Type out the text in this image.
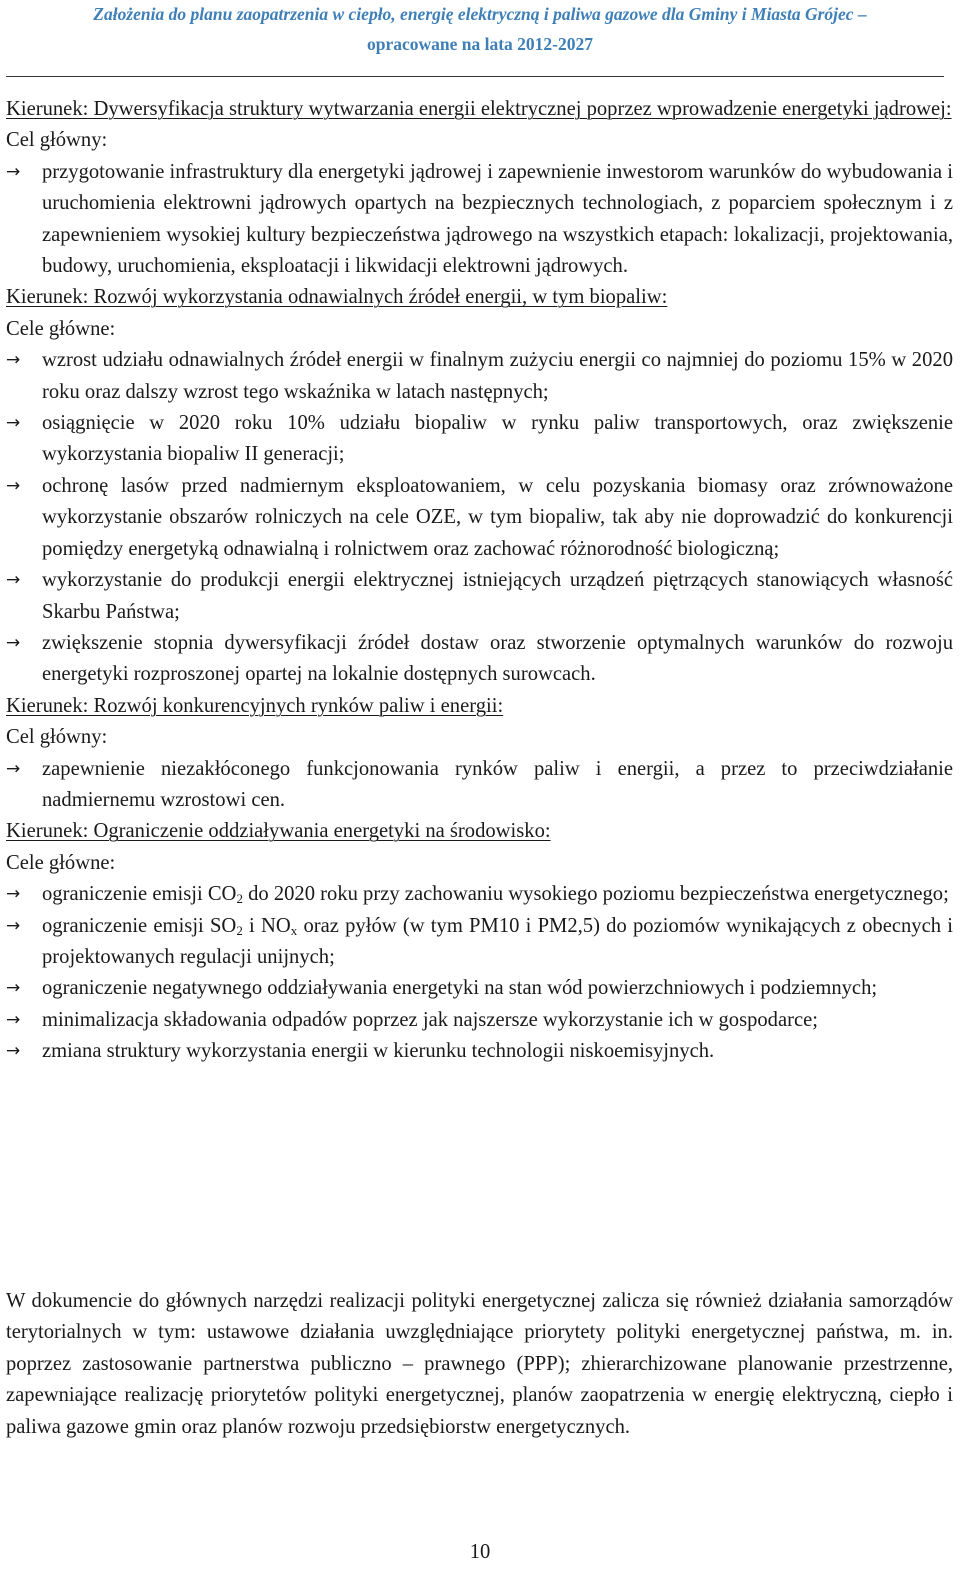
Założenia do planu zaopatrzenia w ciepło, energię elektryczną i paliwa gazowe dla Gminy i Miasta Grójec –
opracowane na lata 2012-2027
Kierunek: Dywersyfikacja struktury wytwarzania energii elektrycznej poprzez wprowadzenie energetyki jądrowej:
Cel główny:
→ przygotowanie infrastruktury dla energetyki jądrowej i zapewnienie inwestorom warunków do wybudowania i uruchomienia elektrowni jądrowych opartych na bezpiecznych technologiach, z poparciem społecznym i z zapewnieniem wysokiej kultury bezpieczeństwa jądrowego na wszystkich etapach: lokalizacji, projektowania, budowy, uruchomienia, eksploatacji i likwidacji elektrowni jądrowych.
Kierunek: Rozwój wykorzystania odnawialnych źródeł energii, w tym biopaliw:
Cele główne:
→ wzrost udziału odnawialnych źródeł energii w finalnym zużyciu energii co najmniej do poziomu 15% w 2020 roku oraz dalszy wzrost tego wskaźnika w latach następnych;
→ osiągnięcie w 2020 roku 10% udziału biopaliw w rynku paliw transportowych, oraz zwiększenie wykorzystania biopaliw II generacji;
→ ochronę lasów przed nadmiernym eksploatowaniem, w celu pozyskania biomasy oraz zrównoważone wykorzystanie obszarów rolniczych na cele OZE, w tym biopaliw, tak aby nie doprowadzić do konkurencji pomiędzy energetyką odnawialną i rolnictwem oraz zachować różnorodność biologiczną;
→ wykorzystanie do produkcji energii elektrycznej istniejących urządzeń piętrzących stanowiących własność Skarbu Państwa;
→ zwiększenie stopnia dywersyfikacji źródeł dostaw oraz stworzenie optymalnych warunków do rozwoju energetyki rozproszonej opartej na lokalnie dostępnych surowcach.
Kierunek: Rozwój konkurencyjnych rynków paliw i energii:
Cel główny:
→ zapewnienie niezakłóconego funkcjonowania rynków paliw i energii, a przez to przeciwdziałanie nadmiernemu wzrostowi cen.
Kierunek: Ograniczenie oddziaływania energetyki na środowisko:
Cele główne:
→ ograniczenie emisji $CO_2$ do 2020 roku przy zachowaniu wysokiego poziomu bezpieczeństwa energetycznego;
→ ograniczenie emisji $SO_2$ i $NO_x$ oraz pyłów (w tym PM10 i PM2,5) do poziomów wynikających z obecnych i projektowanych regulacji unijnych;
→ ograniczenie negatywnego oddziaływania energetyki na stan wód powierzchniowych i podziemnych;
→ minimalizacja składowania odpadów poprzez jak najszersze wykorzystanie ich w gospodarce;
→ zmiana struktury wykorzystania energii w kierunku technologii niskoemisyjnych.
W dokumencie do głównych narzędzi realizacji polityki energetycznej zalicza się również działania samorządów terytorialnych w tym: ustawowe działania uwzględniające priorytety polityki energetycznej państwa, m. in. poprzez zastosowanie partnerstwa publiczno – prawnego (PPP); zhierarchizowane planowanie przestrzenne, zapewniające realizację priorytetów polityki energetycznej, planów zaopatrzenia w energię elektryczną, ciepło i paliwa gazowe gmin oraz planów rozwoju przedsiębiorstw energetycznych.
10
